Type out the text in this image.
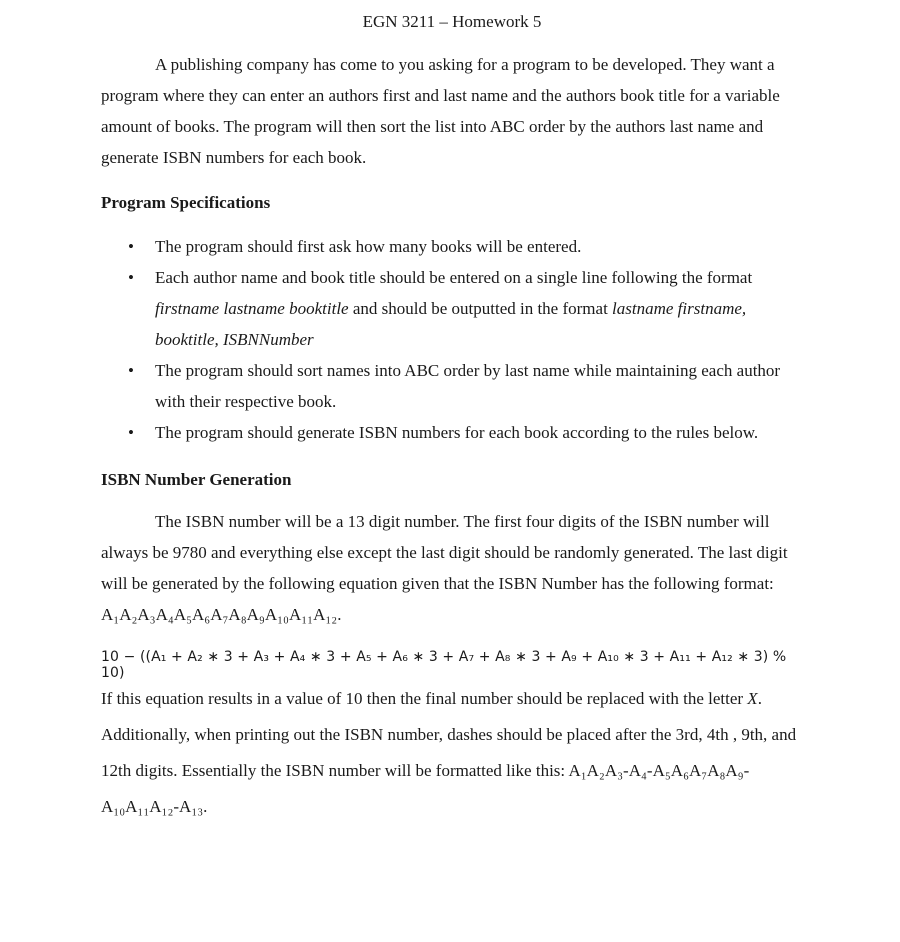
EGN 3211 – Homework 5

A publishing company has come to you asking for a program to be developed. They want a program where they can enter an authors first and last name and the authors book title for a variable amount of books. The program will then sort the list into ABC order by the authors last name and generate ISBN numbers for each book.

Program Specifications

• The program should first ask how many books will be entered.
• Each author name and book title should be entered on a single line following the format firstname lastname booktitle and should be outputted in the format lastname firstname, booktitle, ISBNNumber
• The program should sort names into ABC order by last name while maintaining each author with their respective book.
• The program should generate ISBN numbers for each book according to the rules below.

ISBN Number Generation

The ISBN number will be a 13 digit number. The first four digits of the ISBN number will always be 9780 and everything else except the last digit should be randomly generated. The last digit will be generated by the following equation given that the ISBN Number has the following format: A₁A₂A₃A₄A₅A₆A₇A₈A₉A₁₀A₁₁A₁₂.

10 − ((A₁ + A₂ ∗ 3 + A₃ + A₄ ∗ 3 + A₅ + A₆ ∗ 3 + A₇ + A₈ ∗ 3 + A₉ + A₁₀ ∗ 3 + A₁₁ + A₁₂ ∗ 3) % 10)

If this equation results in a value of 10 then the final number should be replaced with the letter X. Additionally, when printing out the ISBN number, dashes should be placed after the 3rd, 4th , 9th, and 12th digits. Essentially the ISBN number will be formatted like this: A₁A₂A₃-A₄-A₅A₆A₇A₈A₉-A₁₀A₁₁A₁₂-A₁₃.
